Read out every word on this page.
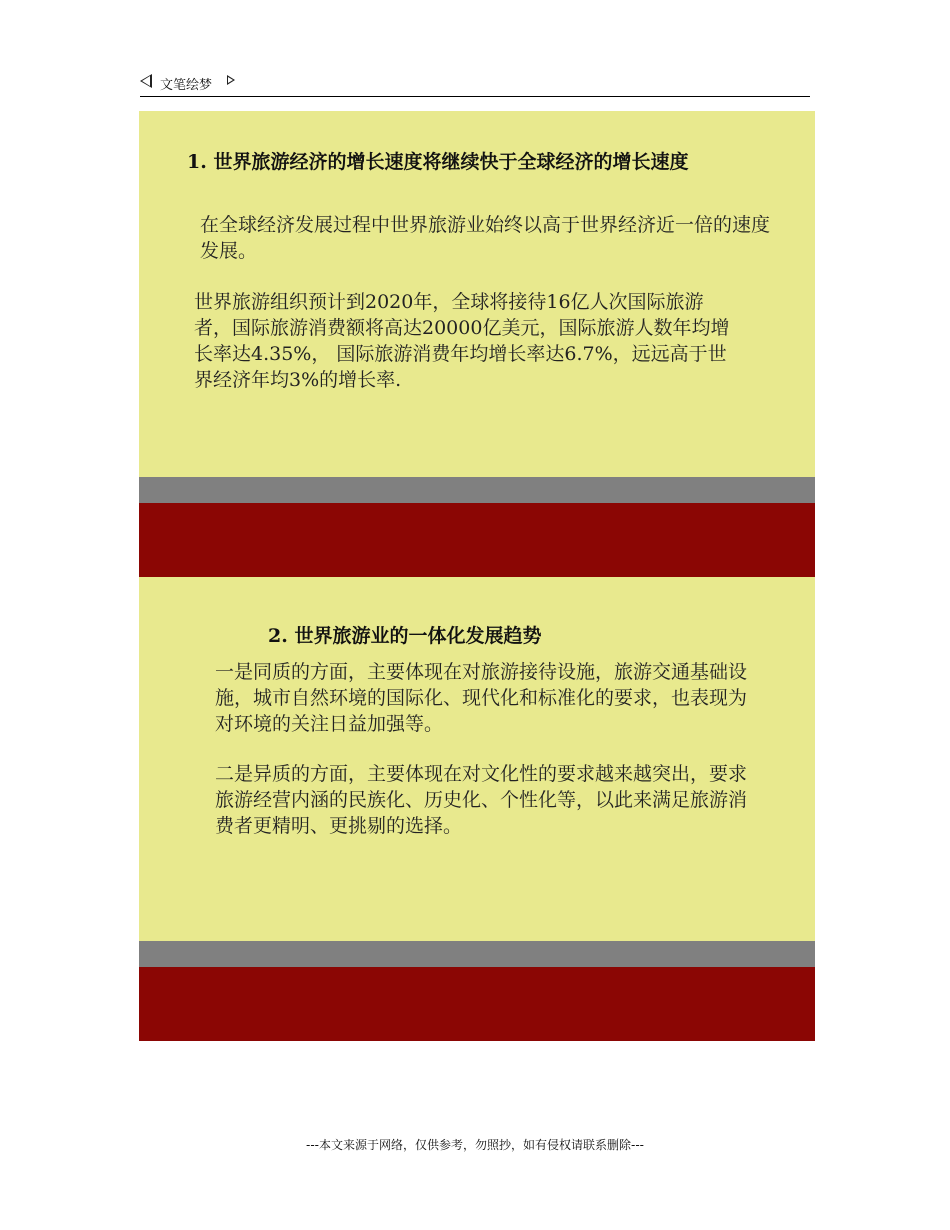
文笔绘梦
1. 世界旅游经济的增长速度将继续快于全球经济的增长速度
在全球经济发展过程中世界旅游业始终以高于世界经济近一倍的速度发展。
世界旅游组织预计到2020年，全球将接待16亿人次国际旅游者，国际旅游消费额将高达20000亿美元，国际旅游人数年均增长率达4.35%， 国际旅游消费年均增长率达6.7%，远远高于世界经济年均3%的增长率.
2. 世界旅游业的一体化发展趋势
一是同质的方面，主要体现在对旅游接待设施，旅游交通基础设施，城市自然环境的国际化、现代化和标准化的要求，也表现为对环境的关注日益加强等。
二是异质的方面，主要体现在对文化性的要求越来越突出，要求旅游经营内涵的民族化、历史化、个性化等，以此来满足旅游消费者更精明、更挑剔的选择。
---本文来源于网络，仅供参考，勿照抄，如有侵权请联系删除---
